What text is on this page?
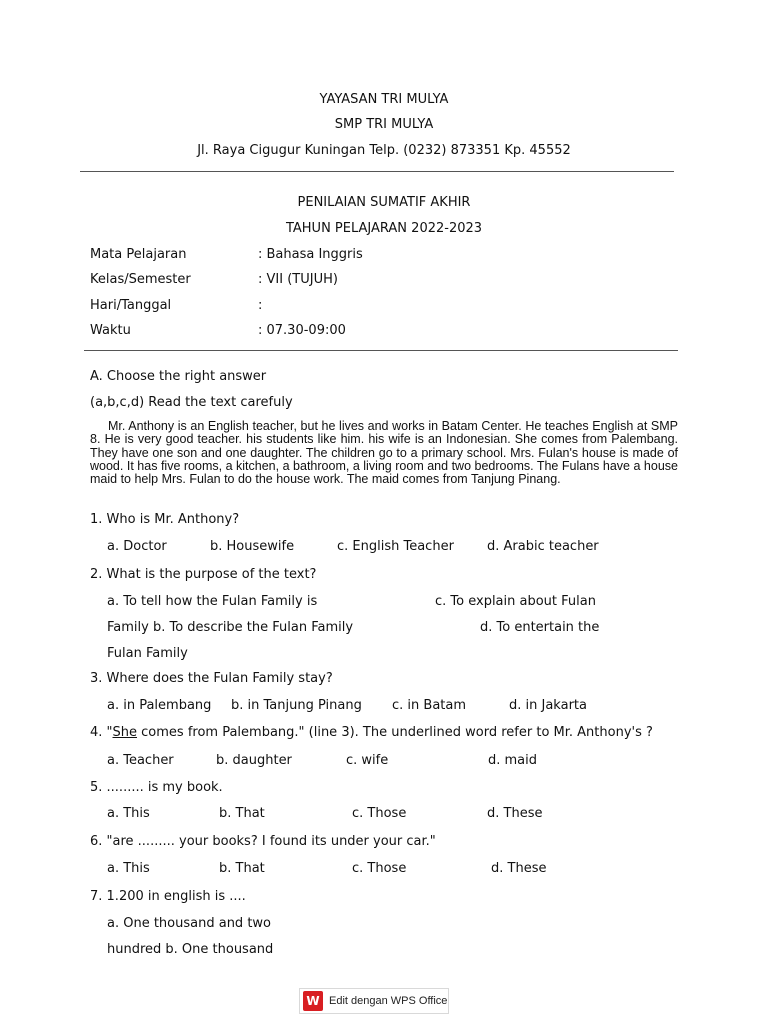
YAYASAN TRI MULYA
SMP TRI MULYA
Jl. Raya Cigugur Kuningan Telp. (0232) 873351 Kp. 45552
PENILAIAN SUMATIF AKHIR
TAHUN PELAJARAN 2022-2023
Mata Pelajaran	: Bahasa Inggris
Kelas/Semester	: VII (TUJUH)
Hari/Tanggal	:
Waktu	: 07.30-09:00
A. Choose the right answer
(a,b,c,d) Read the text carefuly
Mr. Anthony is an English teacher, but he lives and works in Batam Center. He teaches English at SMP 8. He is very good teacher. his students like him. his wife is an Indonesian. She comes from Palembang. They have one son and one daughter. The children go to a primary school. Mrs. Fulan's house is made of wood. It has five rooms, a kitchen, a bathroom, a living room and two bedrooms. The Fulans have a house maid to help Mrs. Fulan to do the house work. The maid comes from Tanjung Pinang.
1. Who is Mr. Anthony?
a. Doctor	b. Housewife	c. English Teacher	d. Arabic teacher
2. What is the purpose of the text?
a. To tell how the Fulan Family is	c. To explain about Fulan
Family b. To describe the Fulan Family	d. To entertain the
Fulan Family
3. Where does the Fulan Family stay?
a. in Palembang b. in Tanjung Pinang c. in Batam	d. in Jakarta
4. "She comes from Palembang." (line 3). The underlined word refer to Mr. Anthony's ?
a. Teacher	b. daughter	c. wife	d. maid
5. ......... is my book.
a. This	b. That	c. Those	d. These
6. "are ......... your books? I found its under your car."
a. This	b. That	c. Those	d. These
7. 1.200 in english is ....
a. One thousand and two
hundred b. One thousand
W Edit dengan WPS Office
